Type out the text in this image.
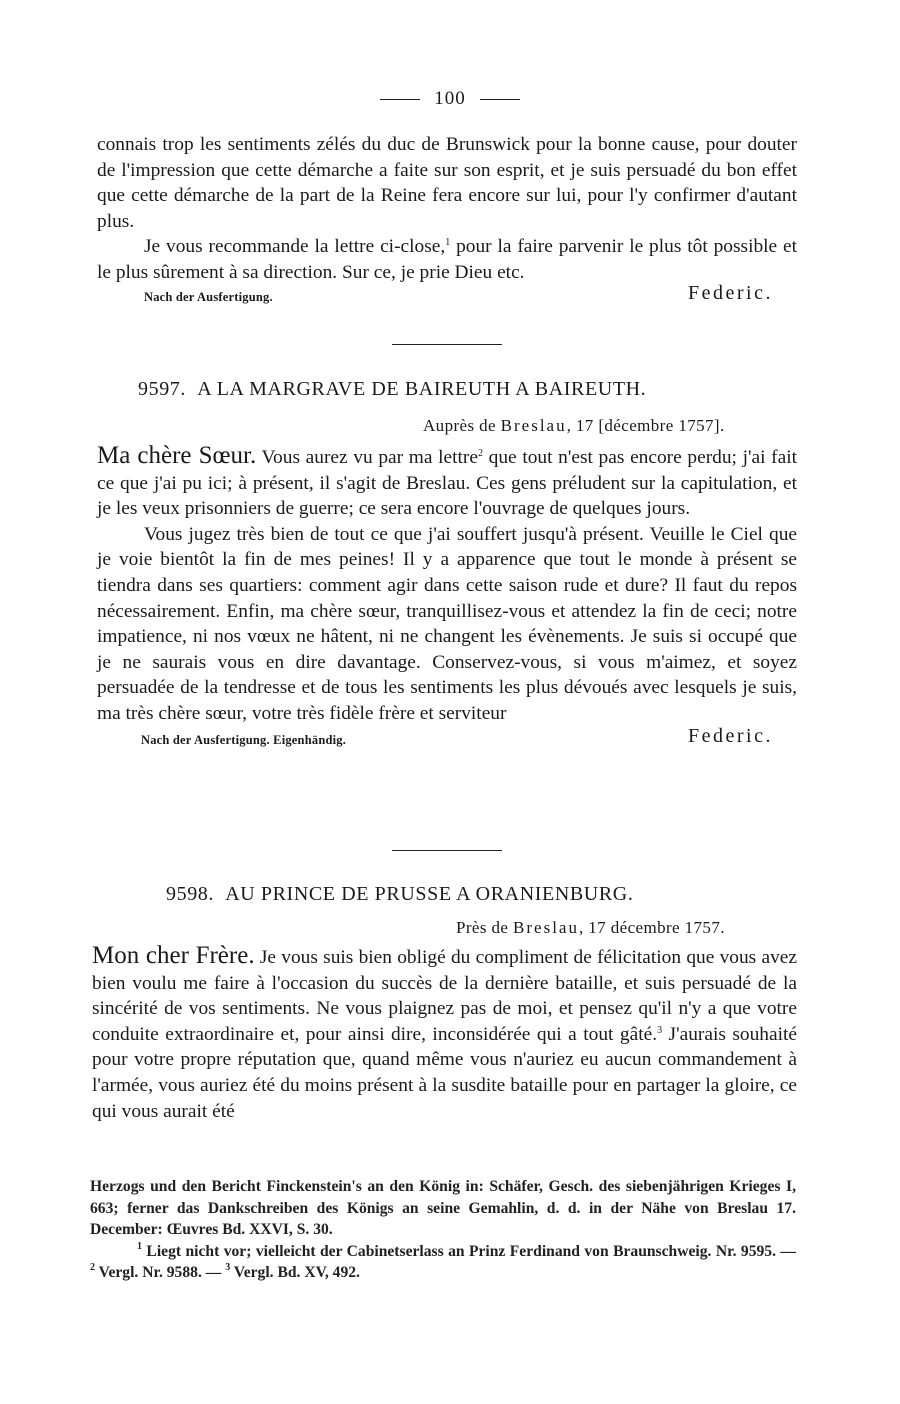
100

connais trop les sentiments zélés du duc de Brunswick pour la bonne cause, pour douter de l'impression que cette démarche a faite sur son esprit, et je suis persuadé du bon effet que cette démarche de la part de la Reine fera encore sur lui, pour l'y confirmer d'autant plus.

Je vous recommande la lettre ci-close,$^1$ pour la faire parvenir le plus tôt possible et le plus sûrement à sa direction. Sur ce, je prie Dieu etc.

Nach der Ausfertigung.	Federic.
9597. A LA MARGRAVE DE BAIREUTH A BAIREUTH.
Auprès de Breslau, 17 [décembre 1757].

Ma chère Sœur. Vous aurez vu par ma lettre$^2$ que tout n'est pas encore perdu; j'ai fait ce que j'ai pu ici; à présent, il s'agit de Breslau. Ces gens préludent sur la capitulation, et je les veux prisonniers de guerre; ce sera encore l'ouvrage de quelques jours.

Vous jugez très bien de tout ce que j'ai souffert jusqu'à présent. Veuille le Ciel que je voie bientôt la fin de mes peines! Il y a apparence que tout le monde à présent se tiendra dans ses quartiers: comment agir dans cette saison rude et dure? Il faut du repos nécessairement. Enfin, ma chère sœur, tranquillisez-vous et attendez la fin de ceci; notre impatience, ni nos vœux ne hâtent, ni ne changent les évènements. Je suis si occupé que je ne saurais vous en dire davantage. Conservez-vous, si vous m'aimez, et soyez persuadée de la tendresse et de tous les sentiments les plus dévoués avec lesquels je suis, ma très chère sœur, votre très fidèle frère et serviteur

Nach der Ausfertigung. Eigenhändig.	Federic.
9598. AU PRINCE DE PRUSSE A ORANIENBURG.
Près de Breslau, 17 décembre 1757.

Mon cher Frère. Je vous suis bien obligé du compliment de félicitation que vous avez bien voulu me faire à l'occasion du succès de la dernière bataille, et suis persuadé de la sincérité de vos sentiments. Ne vous plaignez pas de moi, et pensez qu'il n'y a que votre conduite extraordinaire et, pour ainsi dire, inconsidérée qui a tout gâté.$^3$ J'aurais souhaité pour votre propre réputation que, quand même vous n'auriez eu aucun commandement à l'armée, vous auriez été du moins présent à la susdite bataille pour en partager la gloire, ce qui vous aurait été

Herzogs und den Bericht Finckenstein's an den König in: Schäfer, Gesch. des siebenjährigen Krieges I, 663; ferner das Dankschreiben des Königs an seine Gemahlin, d. d. in der Nähe von Breslau 17. December: Œuvres Bd. XXVI, S. 30.

$^1$ Liegt nicht vor; vielleicht der Cabinetserlass an Prinz Ferdinand von Braunschweig. Nr. 9595. — $^2$ Vergl. Nr. 9588. — $^3$ Vergl. Bd. XV, 492.
